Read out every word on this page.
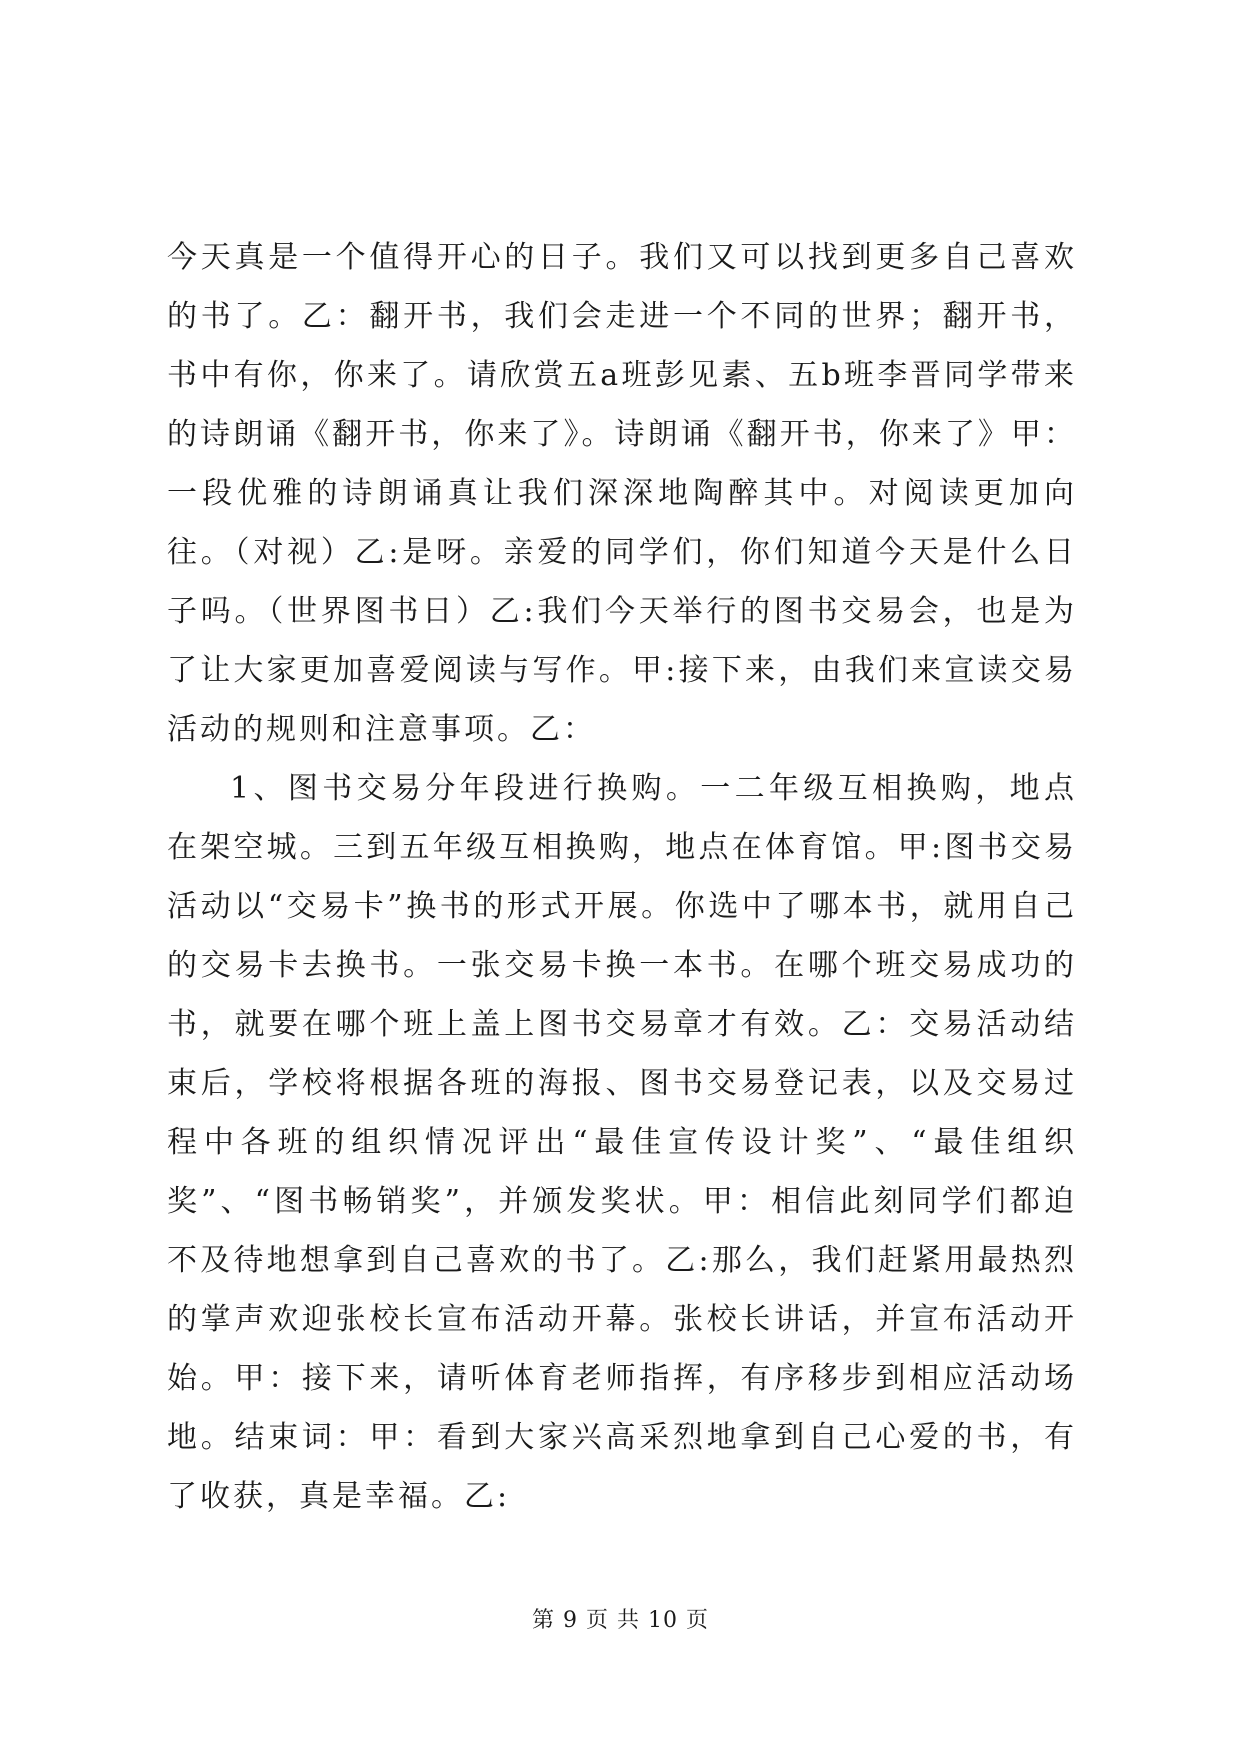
今天真是一个值得开心的日子。我们又可以找到更多自己喜欢的书了。乙：翻开书，我们会走进一个不同的世界；翻开书，书中有你，你来了。请欣赏五a班彭见素、五b班李晋同学带来的诗朗诵《翻开书，你来了》。诗朗诵《翻开书，你来了》甲：一段优雅的诗朗诵真让我们深深地陶醉其中。对阅读更加向往。（对视）乙:是呀。亲爱的同学们，你们知道今天是什么日子吗。（世界图书日）乙:我们今天举行的图书交易会，也是为了让大家更加喜爱阅读与写作。甲:接下来，由我们来宣读交易活动的规则和注意事项。乙：

1、图书交易分年段进行换购。一二年级互相换购，地点在架空城。三到五年级互相换购，地点在体育馆。甲:图书交易活动以“交易卡”换书的形式开展。你选中了哪本书，就用自己的交易卡去换书。一张交易卡换一本书。在哪个班交易成功的书，就要在哪个班上盖上图书交易章才有效。乙：交易活动结束后，学校将根据各班的海报、图书交易登记表，以及交易过程中各班的组织情况评出“最佳宣传设计奖”、“最佳组织奖”、“图书畅销奖”，并颁发奖状。甲：相信此刻同学们都迫不及待地想拿到自己喜欢的书了。乙:那么，我们赶紧用最热烈的掌声欢迎张校长宣布活动开幕。张校长讲话，并宣布活动开始。甲：接下来，请听体育老师指挥，有序移步到相应活动场地。结束词：甲：看到大家兴高采烈地拿到自己心爱的书，有了收获，真是幸福。乙:

第 9 页 共 10 页
